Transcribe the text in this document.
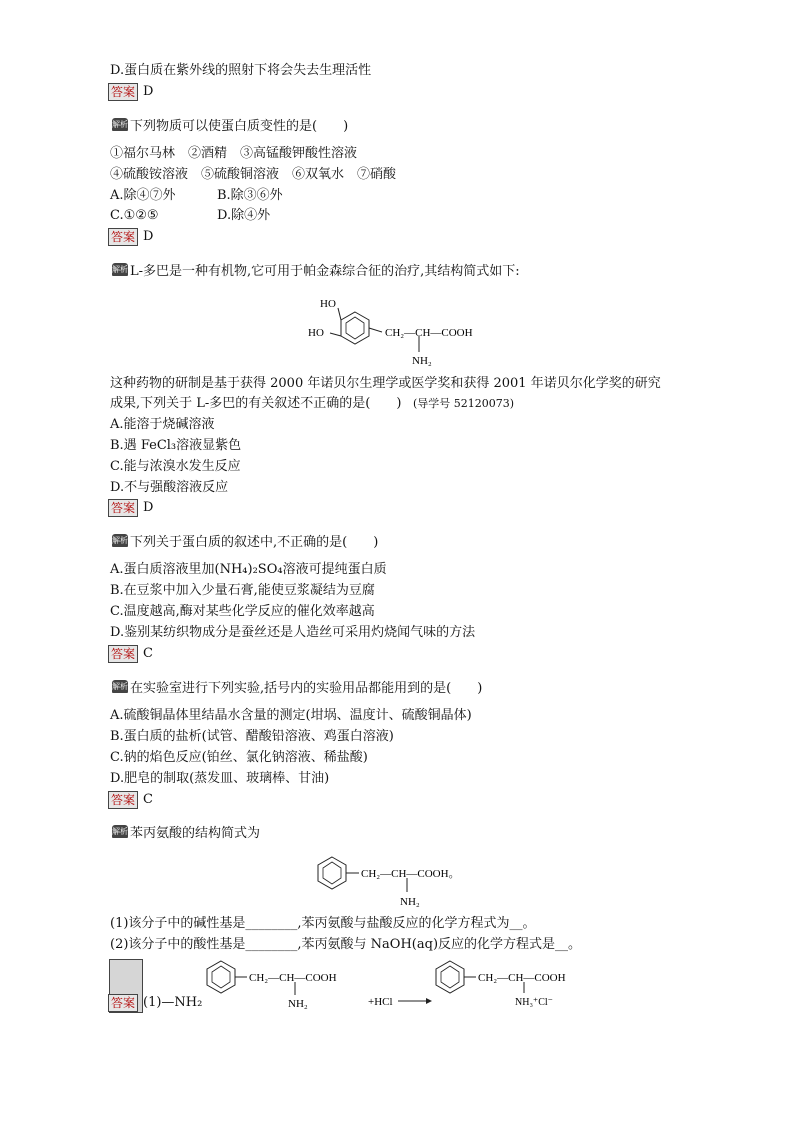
D.蛋白质在紫外线的照射下将会失去生理活性
答案 D
解析 下列物质可以使蛋白质变性的是(　　)
①福尔马林　②酒精　③高锰酸钾酸性溶液
④硫酸铵溶液　⑤硫酸铜溶液　⑥双氧水　⑦硝酸
A.除④⑦外	B.除③⑥外
C.①②⑤	D.除④外
答案 D
解析 L-多巴是一种有机物,它可用于帕金森综合征的治疗,其结构简式如下:
HO
HO	CH₂—CH—COOH
NH₂
这种药物的研制是基于获得 2000 年诺贝尔生理学或医学奖和获得 2001 年诺贝尔化学奖的研究
成果,下列关于 L-多巴的有关叙述不正确的是(　　) (导学号 52120073)
A.能溶于烧碱溶液
B.遇 FeCl₃溶液显紫色
C.能与浓溴水发生反应
D.不与强酸溶液反应
答案 D
解析 下列关于蛋白质的叙述中,不正确的是(　　)
A.蛋白质溶液里加(NH₄)₂SO₄溶液可提纯蛋白质
B.在豆浆中加入少量石膏,能使豆浆凝结为豆腐
C.温度越高,酶对某些化学反应的催化效率越高
D.鉴别某纺织物成分是蚕丝还是人造丝可采用灼烧闻气味的方法
答案 C
解析 在实验室进行下列实验,括号内的实验用品都能用到的是(　　)
A.硫酸铜晶体里结晶水含量的测定(坩埚、温度计、硫酸铜晶体)
B.蛋白质的盐析(试管、醋酸铅溶液、鸡蛋白溶液)
C.钠的焰色反应(铂丝、氯化钠溶液、稀盐酸)
D.肥皂的制取(蒸发皿、玻璃棒、甘油)
答案 C
解析 苯丙氨酸的结构简式为
CH₂—CH—COOH。
NH₂
(1)该分子中的碱性基是________,苯丙氨酸与盐酸反应的化学方程式为__。
(2)该分子中的酸性基是________,苯丙氨酸与 NaOH(aq)反应的化学方程式是__。
答案 (1)—NH₂
CH₂—CH—COOH
NH₂	+HCl
CH₂—CH—COOH
NH₃⁺Cl⁻
